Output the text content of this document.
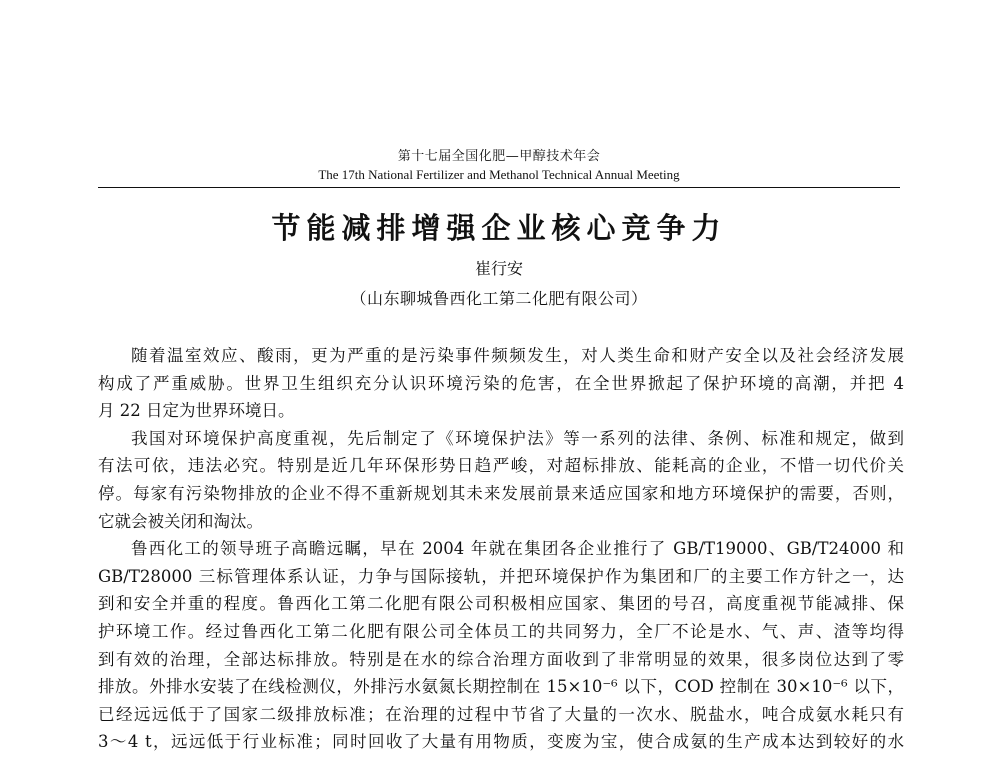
第十七届全国化肥—甲醇技术年会
The 17th National Fertilizer and Methanol Technical Annual Meeting
节能减排增强企业核心竞争力
崔行安
（山东聊城鲁西化工第二化肥有限公司）
随着温室效应、酸雨，更为严重的是污染事件频频发生，对人类生命和财产安全以及社会经济发展
构成了严重威胁。世界卫生组织充分认识环境污染的危害，在全世界掀起了保护环境的高潮，并把 4
月 22 日定为世界环境日。
我国对环境保护高度重视，先后制定了《环境保护法》等一系列的法律、条例、标准和规定，做到
有法可依，违法必究。特别是近几年环保形势日趋严峻，对超标排放、能耗高的企业，不惜一切代价关
停。每家有污染物排放的企业不得不重新规划其未来发展前景来适应国家和地方环境保护的需要，否则，
它就会被关闭和淘汰。
鲁西化工的领导班子高瞻远瞩，早在 2004 年就在集团各企业推行了 GB/T19000、GB/T24000 和
GB/T28000 三标管理体系认证，力争与国际接轨，并把环境保护作为集团和厂的主要工作方针之一，达
到和安全并重的程度。鲁西化工第二化肥有限公司积极相应国家、集团的号召，高度重视节能减排、保
护环境工作。经过鲁西化工第二化肥有限公司全体员工的共同努力，全厂不论是水、气、声、渣等均得
到有效的治理，全部达标排放。特别是在水的综合治理方面收到了非常明显的效果，很多岗位达到了零
排放。外排水安装了在线检测仪，外排污水氨氮长期控制在 15×10⁻⁶ 以下，COD 控制在 30×10⁻⁶ 以下，
已经远远低于了国家二级排放标准；在治理的过程中节省了大量的一次水、脱盐水，吨合成氨水耗只有
3～4 t，远远低于行业标准；同时回收了大量有用物质，变废为宝，使合成氨的生产成本达到较好的水
